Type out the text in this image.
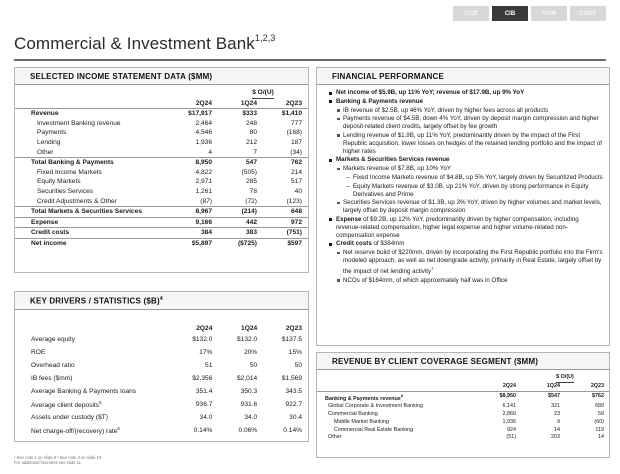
CCB	CIB	AWM	CORP
Commercial & Investment Bank$^{1,2,3}$
SELECTED INCOME STATEMENT DATA ($MM)
		$ O/(U)	
	2Q24	1Q24	2Q23
Revenue	$17,917	$333	$1,410
Investment Banking revenue	2,464	248	777
Payments	4,546	80	(168)
Lending	1,936	212	187
Other	4	7	(34)
Total Banking & Payments	8,950	547	762
Fixed Income Markets	4,822	(505)	214
Equity Markets	2,971	285	517
Securities Services	1,261	78	40
Credit Adjustments & Other	(87)	(72)	(123)
Total Markets & Securities Services	8,967	(214)	648
Expense	9,166	442	972
Credit costs	384	383	(751)
Net income	$5,897	($725)	$597
KEY DRIVERS / STATISTICS ($B)$^4$
	2Q24	1Q24	2Q23
Average equity	$132.0	$132.0	$137.5
ROE	17%	20%	15%
Overhead ratio	51	50	50
IB fees ($mm)	$2,356	$2,014	$1,569
Average Banking & Payments loans	351.4	350.3	343.5
Average client deposits$^5$	936.7	931.6	922.7
Assets under custody ($T)	34.0	34.0	30.4
Net charge-off/(recovery) rate$^6$	0.14%	0.06%	0.14%
FINANCIAL PERFORMANCE
Net income of $5.9B, up 11% YoY; revenue of $17.9B, up 9% YoY
Banking & Payments revenue
IB revenue of $2.5B, up 46% YoY, driven by higher fees across all products
Payments revenue of $4.5B, down 4% YoY, driven by deposit margin compression and higher deposit-related client credits, largely offset by fee growth
Lending revenue of $1.9B, up 11% YoY, predominantly driven by the impact of the First Republic acquisition, lower losses on hedges of the retained lending portfolio and the impact of higher rates
Markets & Securities Services revenue
Markets revenue of $7.8B, up 10% YoY
– Fixed Income Markets revenue of $4.8B, up 5% YoY, largely driven by Securitized Products
– Equity Markets revenue of $3.0B, up 21% YoY, driven by strong performance in Equity Derivatives and Prime
Securities Services revenue of $1.3B, up 3% YoY, driven by higher volumes and market levels, largely offset by deposit margin compression
Expense of $9.2B, up 12% YoY, predominantly driven by higher compensation, including revenue-related compensation, higher legal expense and higher volume-related non-compensation expense
Credit costs of $384mm
Net reserve build of $220mm, driven by incorporating the First Republic portfolio into the Firm's modeled approach, as well as net downgrade activity, primarily in Real Estate, largely offset by the impact of net lending activity$^7$
NCOs of $164mm, of which approximately half was in Office
REVENUE BY CLIENT COVERAGE SEGMENT ($MM)
		$ O/(U)	
	2Q24	1Q24	2Q23
Banking & Payments revenue$^8$	$8,950	$547	$762
Global Corporate & Investment Banking	6,141	321	689
Commercial Banking	2,860	23	59
Middle Market Banking	1,936	9	(60)
Commercial Real Estate Banking	924	14	119
Other	(51)	203	14
¹ See note 1 on slide 9 ² See note 3 on slide 10
For additional footnotes see slide 11
